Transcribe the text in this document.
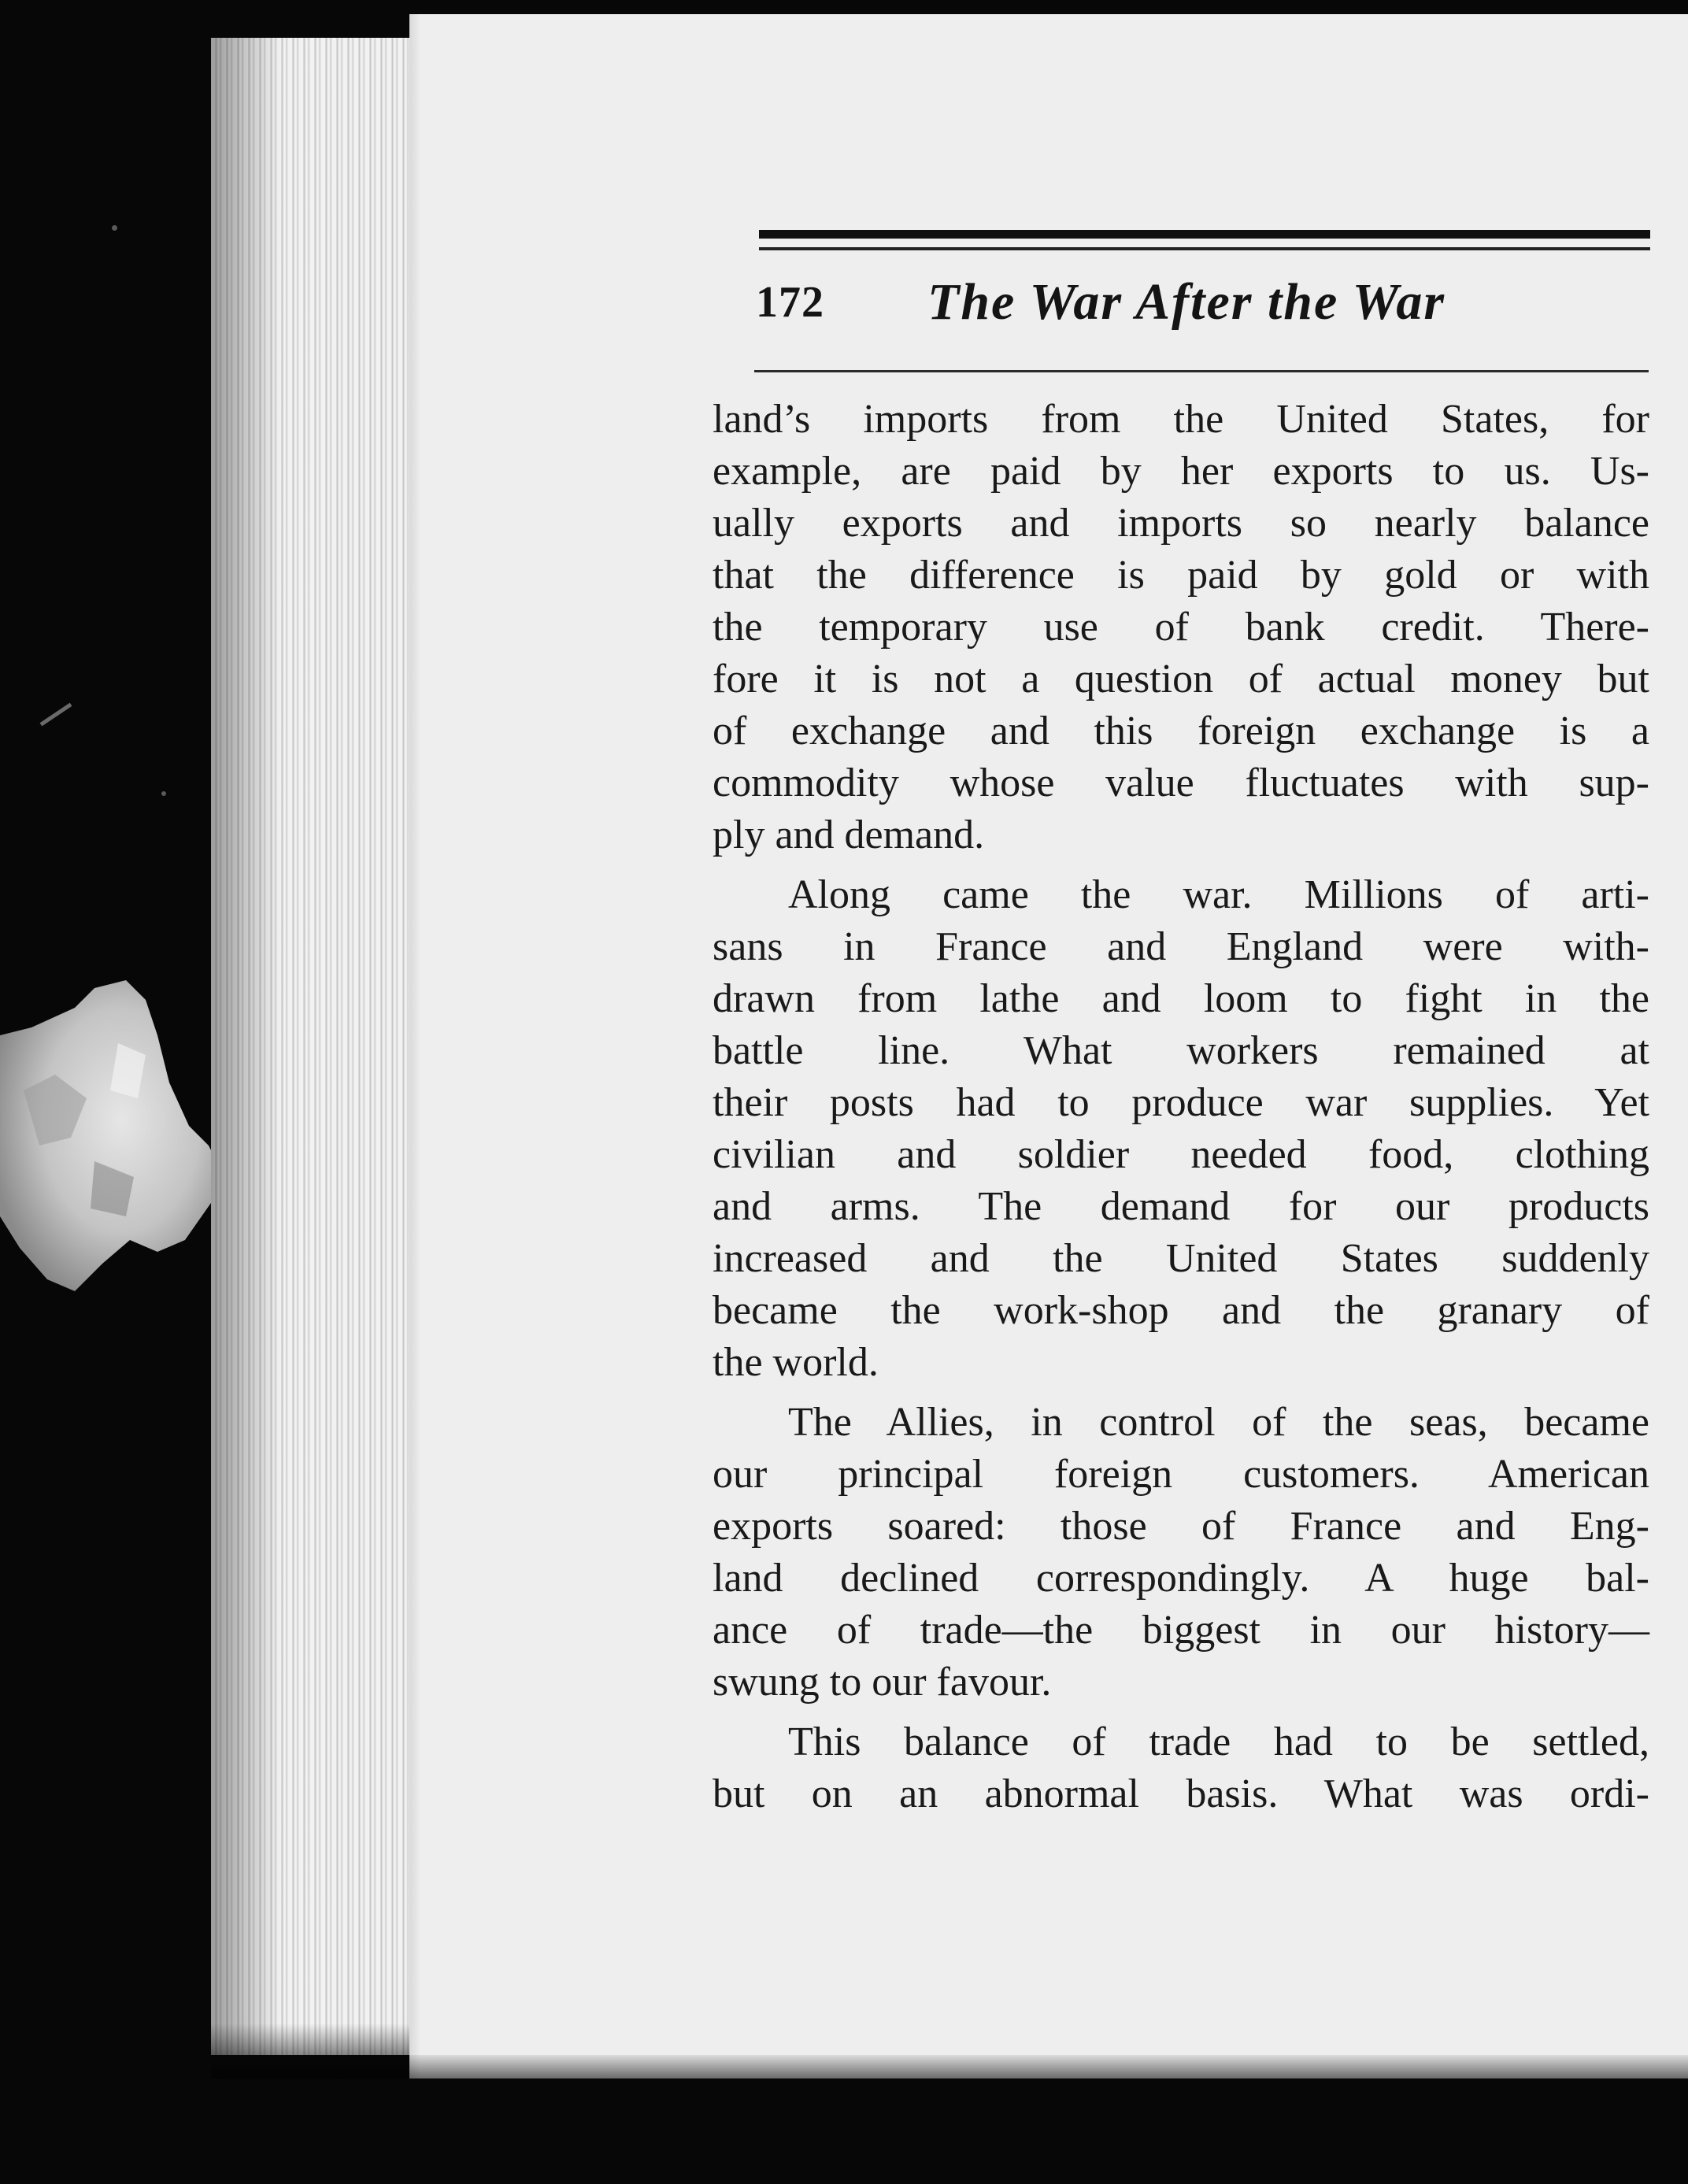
172 The War After the War
land’s imports from the United States, for
example, are paid by her exports to us. Us-
ually exports and imports so nearly balance
that the difference is paid by gold or with
the temporary use of bank credit. There-
fore it is not a question of actual money but
of exchange and this foreign exchange is a
commodity whose value fluctuates with sup-
ply and demand.
Along came the war. Millions of arti-
sans in France and England were with-
drawn from lathe and loom to fight in the
battle line. What workers remained at
their posts had to produce war supplies. Yet
civilian and soldier needed food, clothing
and arms. The demand for our products
increased and the United States suddenly
became the work-shop and the granary of
the world.
The Allies, in control of the seas, became
our principal foreign customers. American
exports soared: those of France and Eng-
land declined correspondingly. A huge bal-
ance of trade—the biggest in our history—
swung to our favour.
This balance of trade had to be settled,
but on an abnormal basis. What was ordi-
